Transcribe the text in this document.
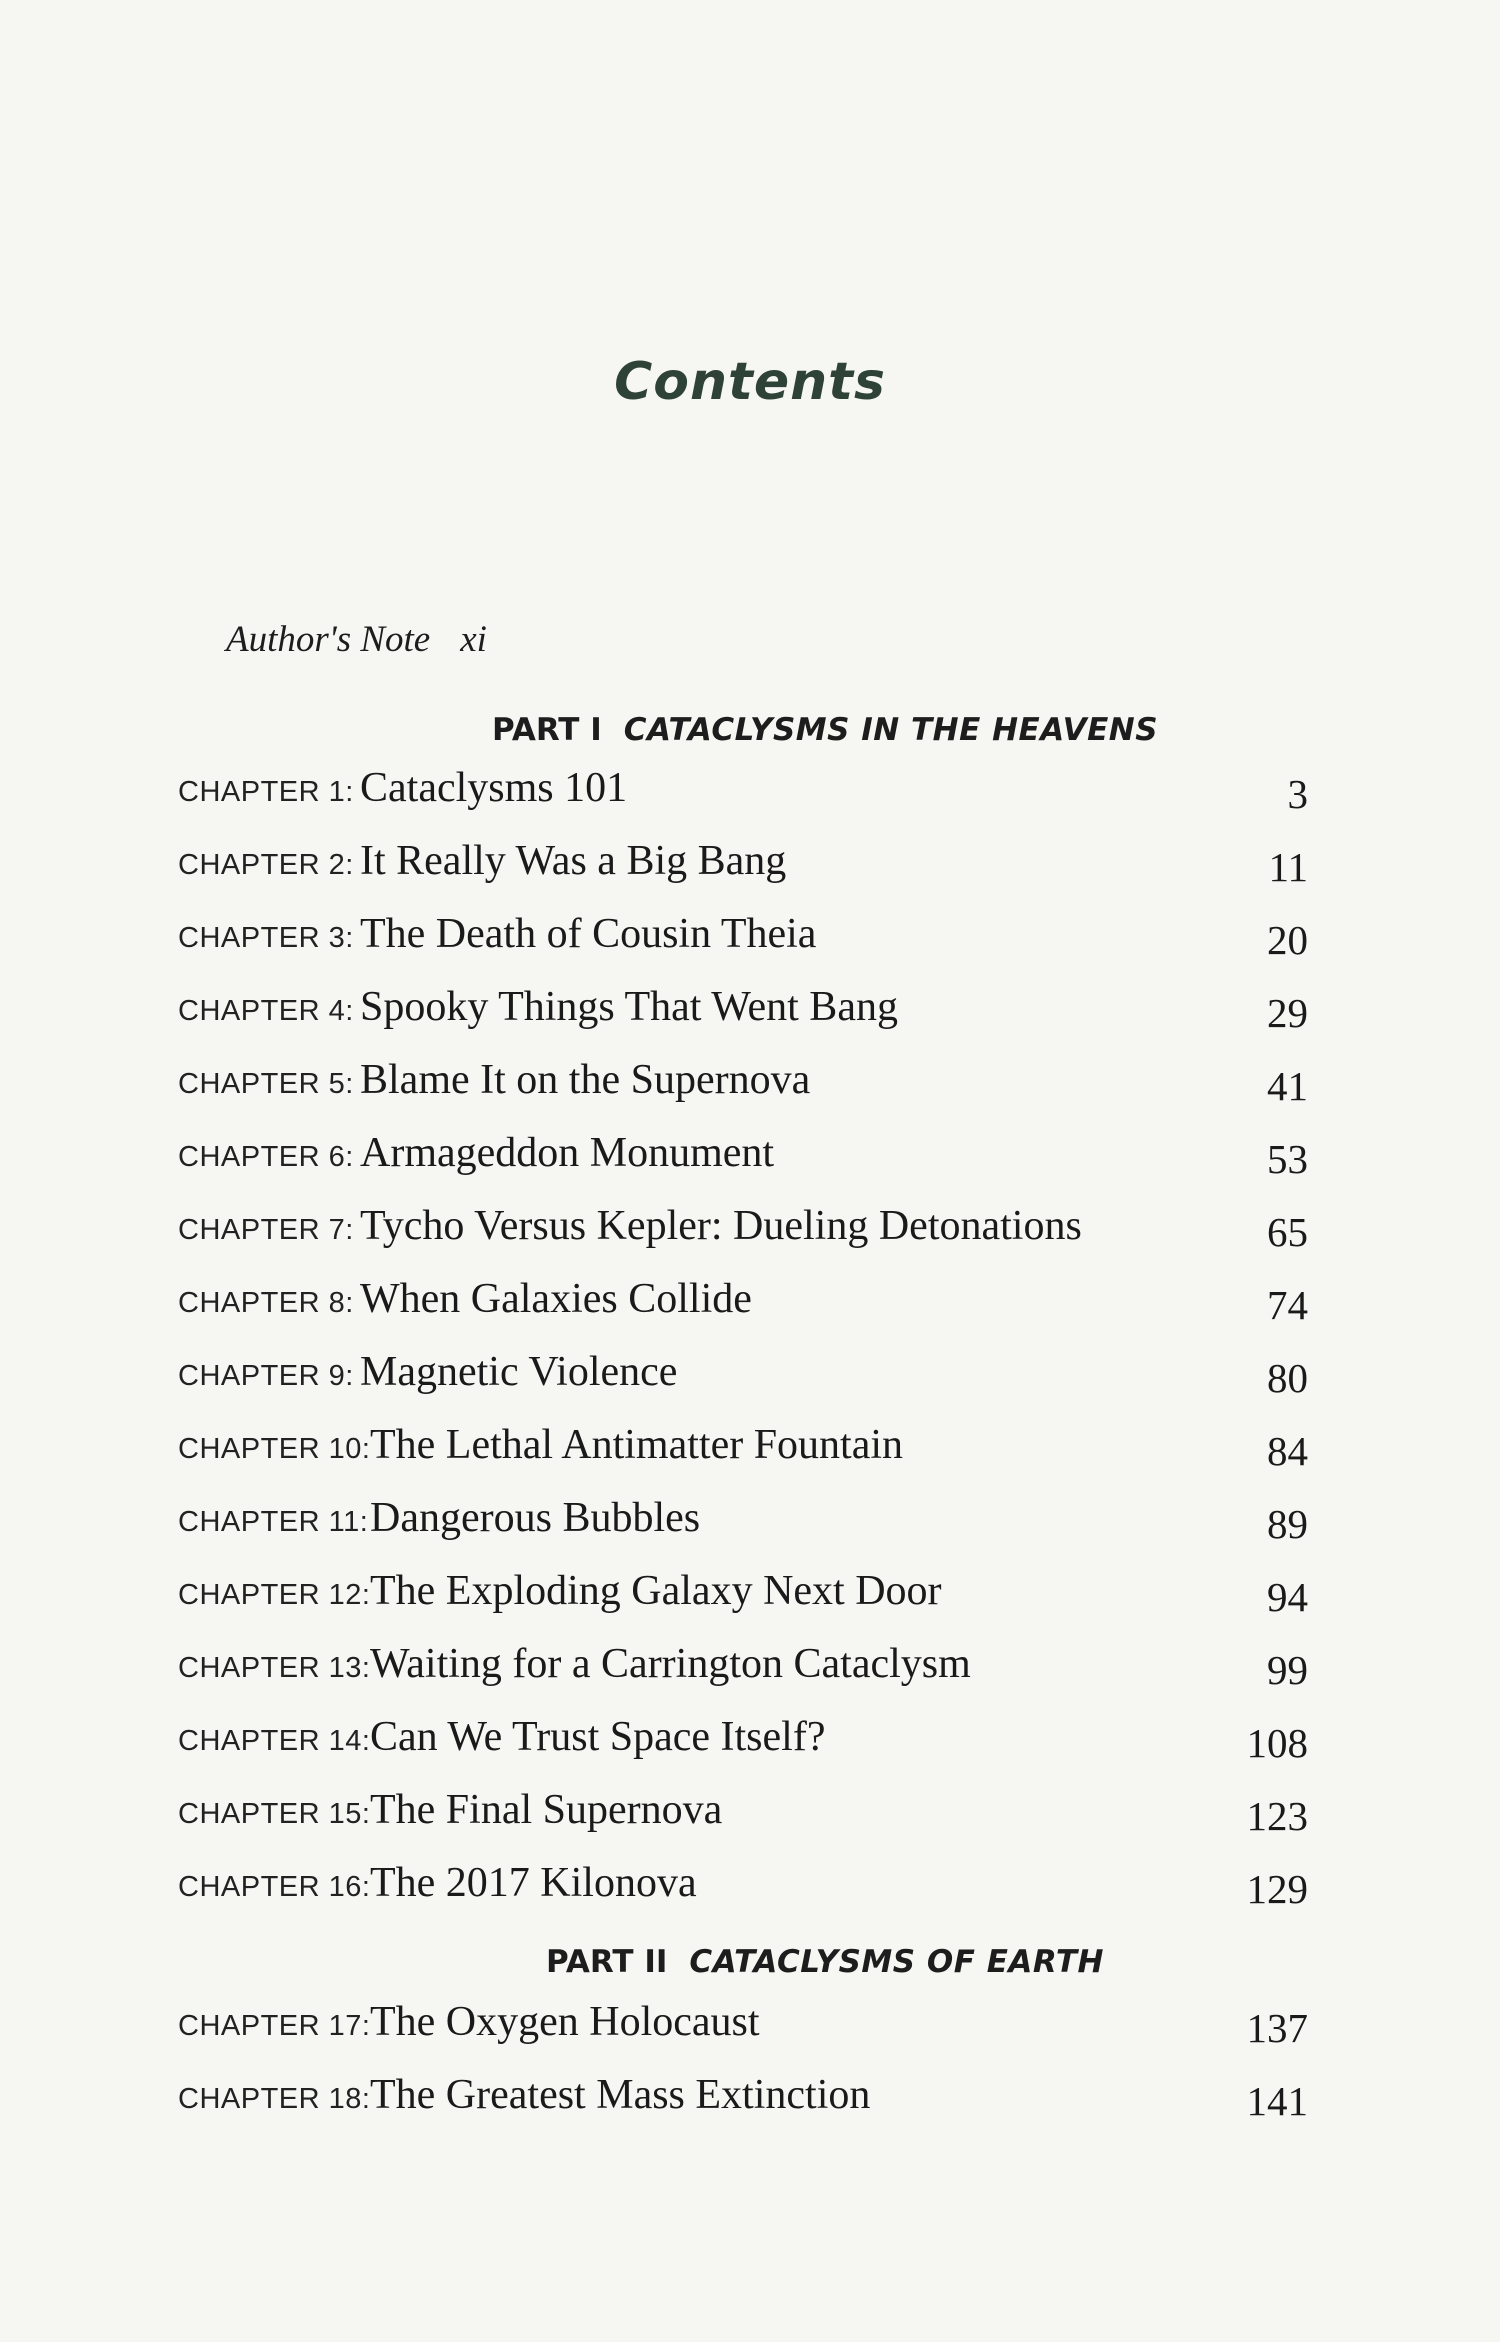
Contents
Author's Note xi
PART I CATACLYSMS IN THE HEAVENS
CHAPTER 1: Cataclysms 101	3
CHAPTER 2: It Really Was a Big Bang	11
CHAPTER 3: The Death of Cousin Theia	20
CHAPTER 4: Spooky Things That Went Bang	29
CHAPTER 5: Blame It on the Supernova	41
CHAPTER 6: Armageddon Monument	53
CHAPTER 7: Tycho Versus Kepler: Dueling Detonations	65
CHAPTER 8: When Galaxies Collide	74
CHAPTER 9: Magnetic Violence	80
CHAPTER 10: The Lethal Antimatter Fountain	84
CHAPTER 11: Dangerous Bubbles	89
CHAPTER 12: The Exploding Galaxy Next Door	94
CHAPTER 13: Waiting for a Carrington Cataclysm	99
CHAPTER 14: Can We Trust Space Itself?	108
CHAPTER 15: The Final Supernova	123
CHAPTER 16: The 2017 Kilonova	129
PART II CATACLYSMS OF EARTH
CHAPTER 17: The Oxygen Holocaust	137
CHAPTER 18: The Greatest Mass Extinction	141
